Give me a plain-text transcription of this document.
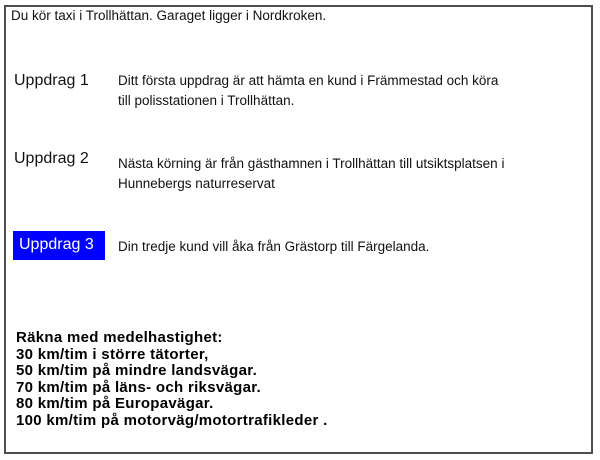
Du kör taxi i Trollhättan. Garaget ligger i Nordkroken.
Uppdrag 1 Ditt första uppdrag är att hämta en kund i Främmestad och köra
till polisstationen i Trollhättan.
Uppdrag 2 Nästa körning är från gästhamnen i Trollhättan till utsiktsplatsen i
Hunnebergs naturreservat
Uppdrag 3	Din tredje kund vill åka från Grästorp till Färgelanda.
Räkna med medelhastighet:
30 km/tim i större tätorter,
50 km/tim på mindre landsvägar.
70 km/tim på läns- och riksvägar.
80 km/tim på Europavägar.
100 km/tim på motorväg/motortrafikleder .
